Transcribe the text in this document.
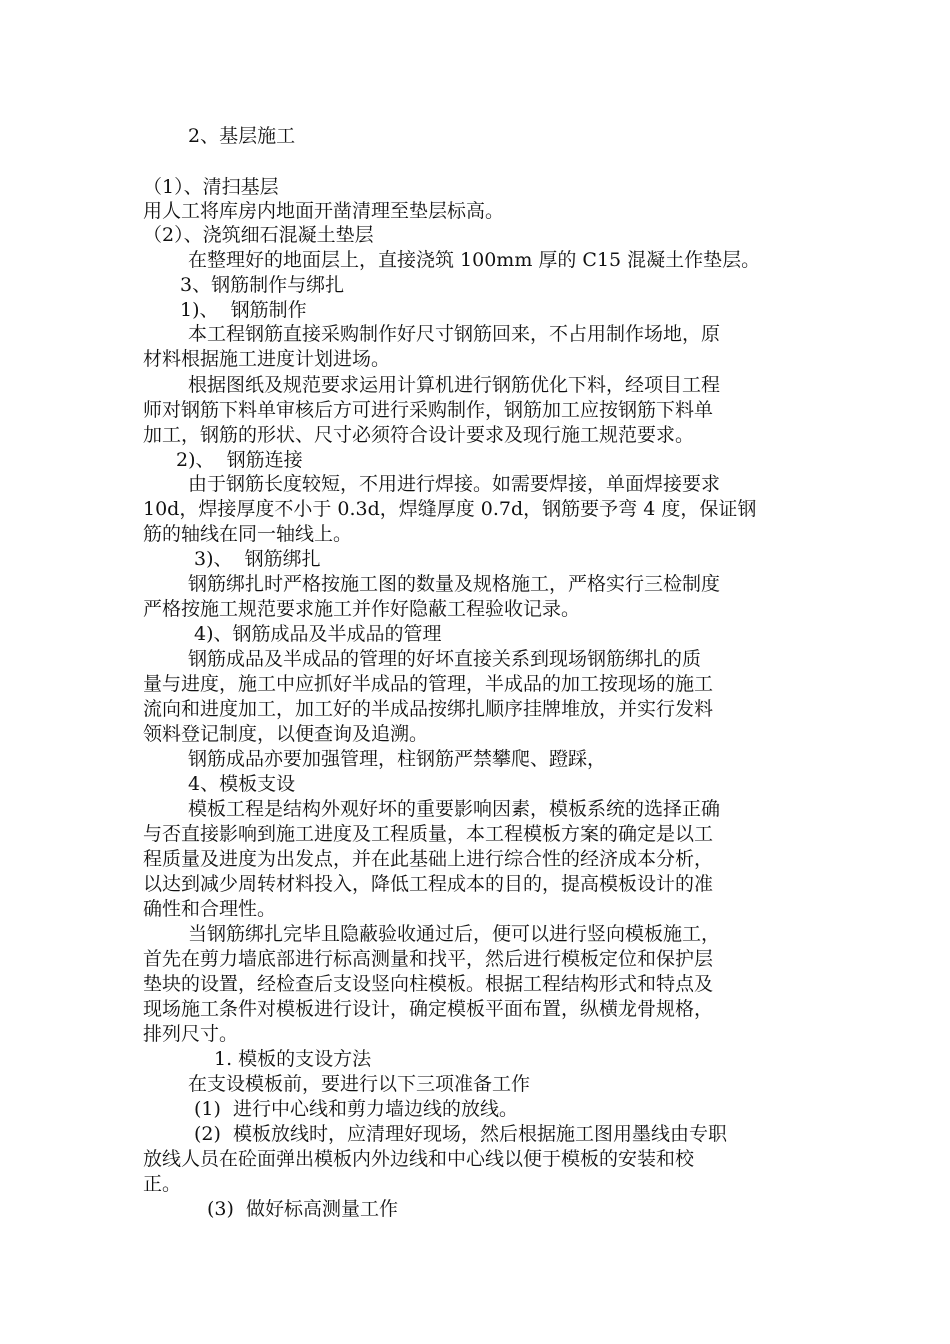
2、基层施工
（1）、清扫基层
用人工将库房内地面开凿清理至垫层标高。
（2）、浇筑细石混凝土垫层
在整理好的地面层上，直接浇筑 100mm 厚的 C15 混凝土作垫层。
3、钢筋制作与绑扎
1)、  钢筋制作
本工程钢筋直接采购制作好尺寸钢筋回来，不占用制作场地，原
材料根据施工进度计划进场。
根据图纸及规范要求运用计算机进行钢筋优化下料，经项目工程
师对钢筋下料单审核后方可进行采购制作，钢筋加工应按钢筋下料单
加工，钢筋的形状、尺寸必须符合设计要求及现行施工规范要求。
2)、  钢筋连接
由于钢筋长度较短，不用进行焊接。如需要焊接，单面焊接要求
10d，焊接厚度不小于 0.3d，焊缝厚度 0.7d，钢筋要予弯 4 度，保证钢
筋的轴线在同一轴线上。
3)、  钢筋绑扎
钢筋绑扎时严格按施工图的数量及规格施工，严格实行三检制度
严格按施工规范要求施工并作好隐蔽工程验收记录。
4)、钢筋成品及半成品的管理
钢筋成品及半成品的管理的好坏直接关系到现场钢筋绑扎的质
量与进度，施工中应抓好半成品的管理，半成品的加工按现场的施工
流向和进度加工，加工好的半成品按绑扎顺序挂牌堆放，并实行发料
领料登记制度，以便查询及追溯。
钢筋成品亦要加强管理，柱钢筋严禁攀爬、蹬踩，
4、模板支设
模板工程是结构外观好坏的重要影响因素，模板系统的选择正确
与否直接影响到施工进度及工程质量，本工程模板方案的确定是以工
程质量及进度为出发点，并在此基础上进行综合性的经济成本分析，
以达到减少周转材料投入，降低工程成本的目的，提高模板设计的准
确性和合理性。
当钢筋绑扎完毕且隐蔽验收通过后，便可以进行竖向模板施工，
首先在剪力墙底部进行标高测量和找平，然后进行模板定位和保护层
垫块的设置，经检查后支设竖向柱模板。根据工程结构形式和特点及
现场施工条件对模板进行设计，确定模板平面布置，纵横龙骨规格，
排列尺寸。
1. 模板的支设方法
在支设模板前，要进行以下三项准备工作
(1)  进行中心线和剪力墙边线的放线。
(2)  模板放线时，应清理好现场，然后根据施工图用墨线由专职
放线人员在砼面弹出模板内外边线和中心线以便于模板的安装和校
正。
(3)  做好标高测量工作
